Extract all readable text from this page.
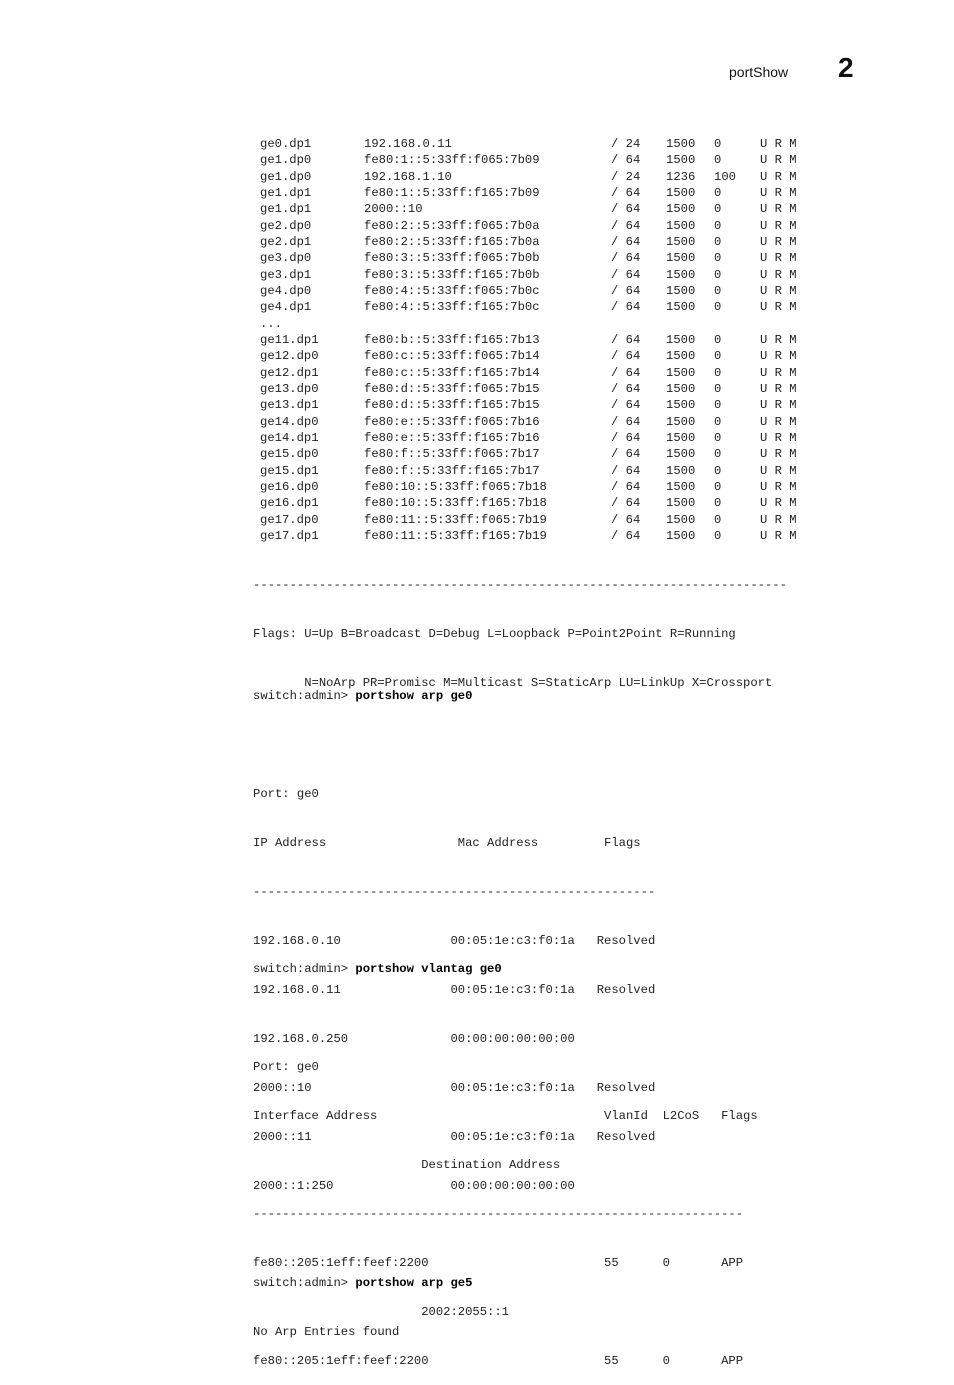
portShow 2
ge0.dp1	192.168.0.11	/ 24 1500 0	U R M
ge1.dp0	fe80:1::5:33ff:f065:7b09	/ 64 1500 0	U R M
ge1.dp0	192.168.1.10	/ 24 1236 100 U R M
ge1.dp1	fe80:1::5:33ff:f165:7b09	/ 64 1500 0	U R M
ge1.dp1	2000::10	/ 64 1500 0	U R M
ge2.dp0	fe80:2::5:33ff:f065:7b0a	/ 64 1500 0	U R M
ge2.dp1	fe80:2::5:33ff:f165:7b0a	/ 64 1500 0	U R M
ge3.dp0	fe80:3::5:33ff:f065:7b0b	/ 64 1500 0	U R M
ge3.dp1	fe80:3::5:33ff:f165:7b0b	/ 64 1500 0	U R M
ge4.dp0	fe80:4::5:33ff:f065:7b0c	/ 64 1500 0	U R M
ge4.dp1	fe80:4::5:33ff:f165:7b0c	/ 64 1500 0	U R M
...
ge11.dp1	fe80:b::5:33ff:f165:7b13	/ 64 1500 0	U R M
ge12.dp0	fe80:c::5:33ff:f065:7b14	/ 64 1500 0	U R M
ge12.dp1	fe80:c::5:33ff:f165:7b14	/ 64 1500 0	U R M
ge13.dp0	fe80:d::5:33ff:f065:7b15	/ 64 1500 0	U R M
ge13.dp1	fe80:d::5:33ff:f165:7b15	/ 64 1500 0	U R M
ge14.dp0	fe80:e::5:33ff:f065:7b16	/ 64 1500 0	U R M
ge14.dp1	fe80:e::5:33ff:f165:7b16	/ 64 1500 0	U R M
ge15.dp0	fe80:f::5:33ff:f065:7b17	/ 64 1500 0	U R M
ge15.dp1	fe80:f::5:33ff:f165:7b17	/ 64 1500 0	U R M
ge16.dp0	fe80:10::5:33ff:f065:7b18	/ 64 1500 0	U R M
ge16.dp1	fe80:10::5:33ff:f165:7b18	/ 64 1500 0	U R M
ge17.dp0	fe80:11::5:33ff:f065:7b19	/ 64 1500 0	U R M
ge17.dp1	fe80:11::5:33ff:f165:7b19	/ 64 1500 0	U R M

-------------------------------------------------------------------------

Flags: U=Up B=Broadcast D=Debug L=Loopback P=Point2Point R=Running

N=NoArp PR=Promisc M=Multicast S=StaticArp LU=LinkUp X=Crossport

switch:admin> portshow arp ge0

Port: ge0

IP Address                  Mac Address         Flags

-------------------------------------------------------

192.168.0.10               00:05:1e:c3:f0:1a   Resolved

192.168.0.11               00:05:1e:c3:f0:1a   Resolved

192.168.0.250              00:00:00:00:00:00

2000::10                   00:05:1e:c3:f0:1a   Resolved

2000::11                   00:05:1e:c3:f0:1a   Resolved

2000::1:250                00:00:00:00:00:00

switch:admin> portshow arp ge5

No Arp Entries found

switch:admin> portshow vlantag ge0

Port: ge0

Interface Address                               VlanId  L2CoS   Flags

Destination Address

-------------------------------------------------------------------

fe80::205:1eff:feef:2200                        55      0       APP

2002:2055::1

fe80::205:1eff:feef:2200                        55      0       APP
